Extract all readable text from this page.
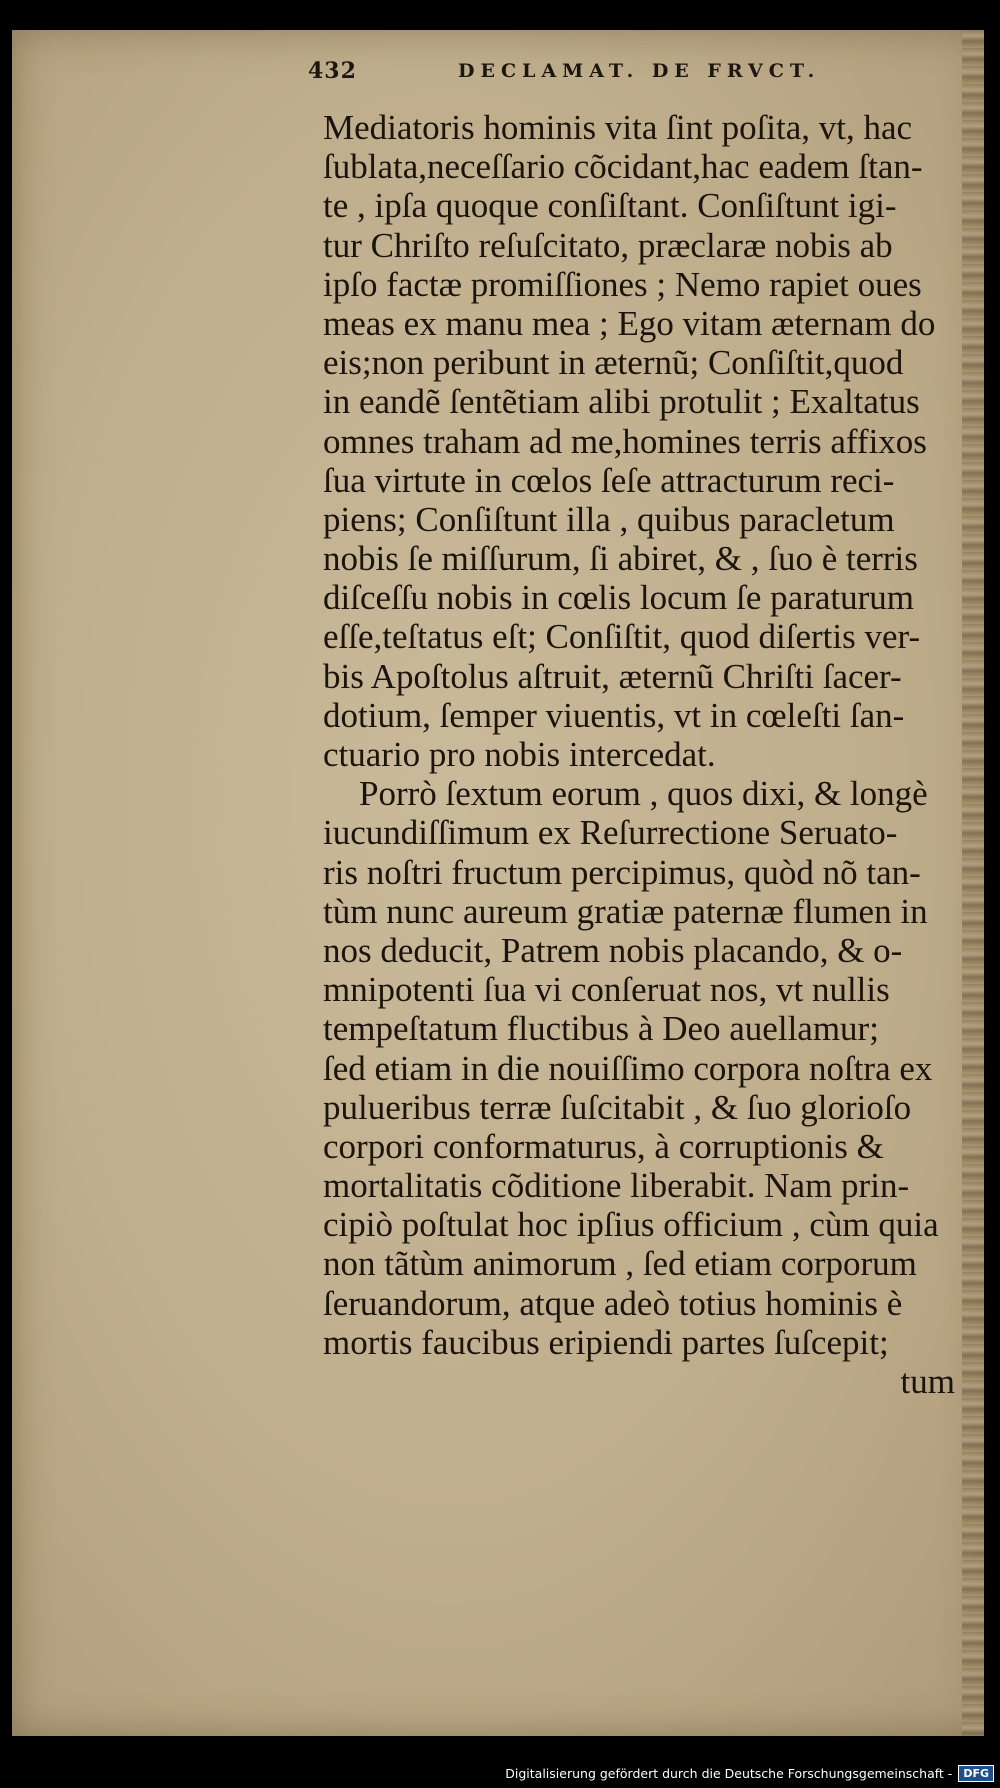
432	DECLAMAT. DE FRVCT.
Mediatoris hominis vita ſint poſita, vt, hac
ſublata,neceſſario cõcidant,hac eadem ſtan-
te , ipſa quoque conſiſtant. Conſiſtunt igi-
tur Chriſto reſuſcitato, præclaræ nobis ab
ipſo factæ promiſſiones ; Nemo rapiet oues
meas ex manu mea ; Ego vitam æternam do
eis;non peribunt in æternũ; Conſiſtit,quod
in eandẽ ſentẽtiam alibi protulit ; Exaltatus
omnes traham ad me,homines terris affixos
ſua virtute in cœlos ſeſe attracturum reci-
piens; Conſiſtunt illa , quibus paracletum
nobis ſe miſſurum, ſi abiret, & , ſuo è terris
diſceſſu nobis in cœlis locum ſe paraturum
eſſe,teſtatus eſt; Conſiſtit, quod diſertis ver-
bis Apoſtolus aſtruit, æternũ Chriſti ſacer-
dotium, ſemper viuentis, vt in cœleſti ſan-
ctuario pro nobis intercedat.
Porrò ſextum eorum , quos dixi, & longè
iucundiſſimum ex Reſurrectione Seruato-
ris noſtri fructum percipimus, quòd nõ tan-
tùm nunc aureum gratiæ paternæ flumen in
nos deducit, Patrem nobis placando, & o-
mnipotenti ſua vi conſeruat nos, vt nullis
tempeſtatum fluctibus à Deo auellamur;
ſed etiam in die nouiſſimo corpora noſtra ex
pulueribus terræ ſuſcitabit , & ſuo glorioſo
corpori conformaturus, à corruptionis &
mortalitatis cõditione liberabit. Nam prin-
cipiò poſtulat hoc ipſius officium , cùm quia
non tãtùm animorum , ſed etiam corporum
ſeruandorum, atque adeò totius hominis è
mortis faucibus eripiendi partes ſuſcepit;
tum
Digitalisierung gefördert durch die Deutsche Forschungsgemeinschaft -	DFG
